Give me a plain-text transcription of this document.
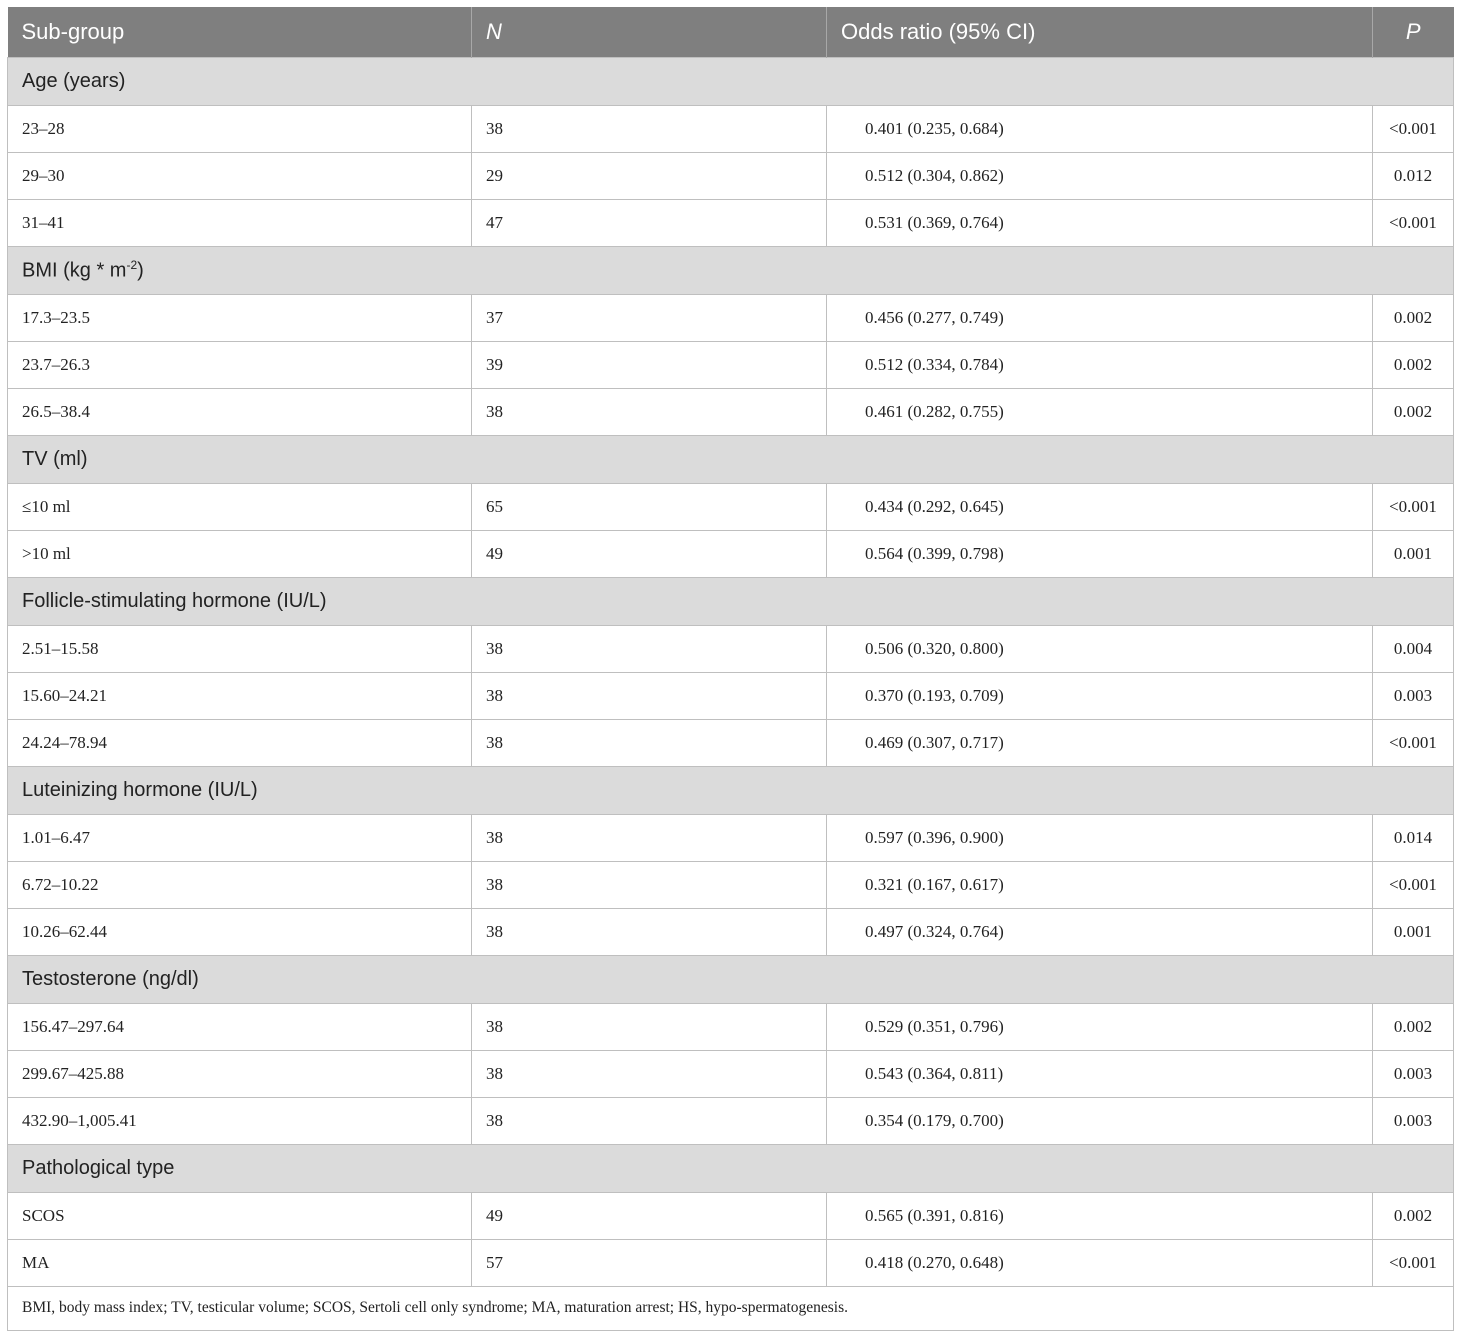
Sub-group	N	Odds ratio (95% CI)	P
Age (years)			
23–28	38	0.401 (0.235, 0.684)	<0.001
29–30	29	0.512 (0.304, 0.862)	0.012
31–41	47	0.531 (0.369, 0.764)	<0.001
BMI $(kg * m^{-2})$			
17.3–23.5	37	0.456 (0.277, 0.749)	0.002
23.7–26.3	39	0.512 (0.334, 0.784)	0.002
26.5–38.4	38	0.461 (0.282, 0.755)	0.002
TV (ml)			
≤10 ml	65	0.434 (0.292, 0.645)	<0.001
>10 ml	49	0.564 (0.399, 0.798)	0.001
Follicle-stimulating hormone (IU/L)			
2.51–15.58	38	0.506 (0.320, 0.800)	0.004
15.60–24.21	38	0.370 (0.193, 0.709)	0.003
24.24–78.94	38	0.469 (0.307, 0.717)	<0.001
Luteinizing hormone (IU/L)			
1.01–6.47	38	0.597 (0.396, 0.900)	0.014
6.72–10.22	38	0.321 (0.167, 0.617)	<0.001
10.26–62.44	38	0.497 (0.324, 0.764)	0.001
Testosterone (ng/dl)			
156.47–297.64	38	0.529 (0.351, 0.796)	0.002
299.67–425.88	38	0.543 (0.364, 0.811)	0.003
432.90–1,005.41	38	0.354 (0.179, 0.700)	0.003
Pathological type			
SCOS	49	0.565 (0.391, 0.816)	0.002
MA	57	0.418 (0.270, 0.648)	<0.001
BMI, body mass index; TV, testicular volume; SCOS, Sertoli cell only syndrome; MA, maturation arrest; HS, hypo-spermatogenesis.			
